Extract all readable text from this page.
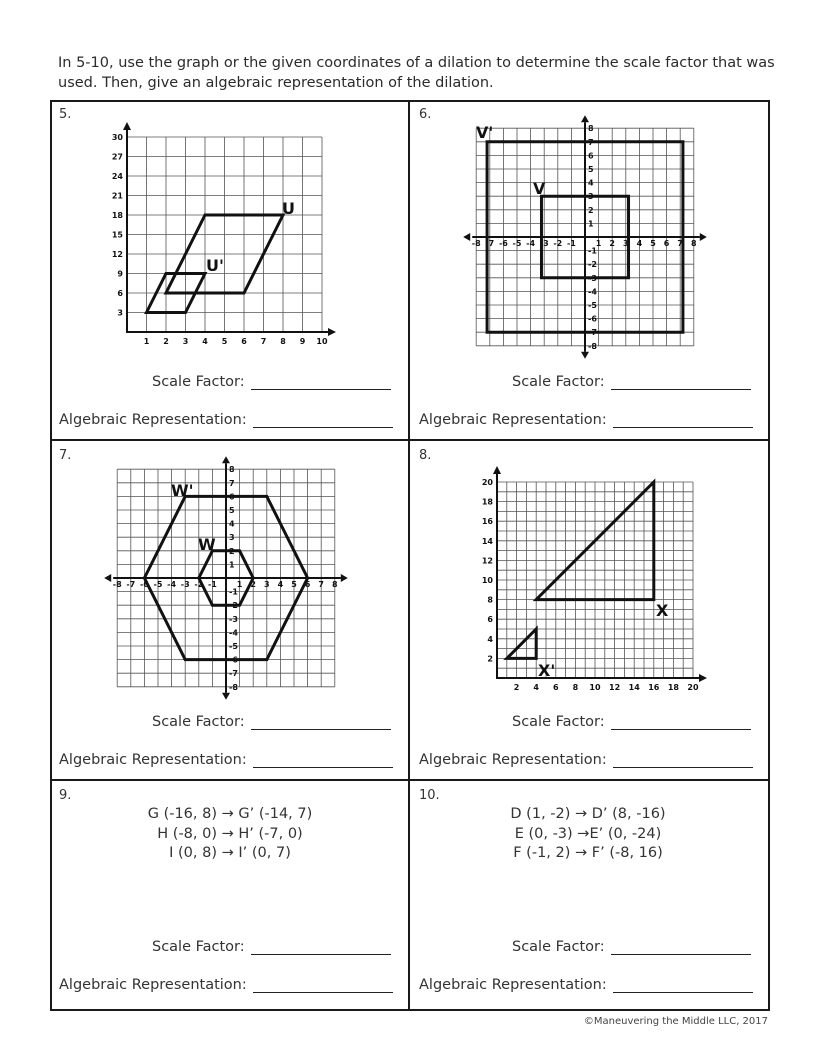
In 5-10, use the graph or the given coordinates of a dilation to determine the scale factor that was used. Then, give an algebraic representation of the dilation.
5.	6.
7.	8.
9.	10.
1 2 3 4 5 6 7 8 9 10
3
6
9
12
15
18
21
24
27
30
U
U'
-8 -7 -6 -5 -4 -3 -2 -1 1 2 3 4 5 6 7 8
8
7
6
5
4
3
2
1
-1
-2
-3
-4
-5
-6
-7
-8
V'
V
-8 -7 -6 -5 -4 -3 -2 -1 1 2 3 4 5 6 7 8
8
7
6
5
4
3
2
1
-1
-2
-3
-4
-5
-6
-7
-8
W'
W
2 4 6 8 10 12 14 16 18 20
2
4
6
8
10
12
14
16
18
20
X
X'
G (-16, 8) → G’ (-14, 7)
H (-8, 0) → H’ (-7, 0)
I (0, 8) → I’ (0, 7)
D (1, -2) → D’ (8, -16)
E (0, -3) →E’ (0, -24)
F (-1, 2) → F’ (-8, 16)
Scale Factor:
Algebraic Representation:
Scale Factor:
Algebraic Representation:
Scale Factor:
Algebraic Representation:
Scale Factor:
Algebraic Representation:
Scale Factor:
Algebraic Representation:
Scale Factor:
Algebraic Representation:
©Maneuvering the Middle LLC, 2017
